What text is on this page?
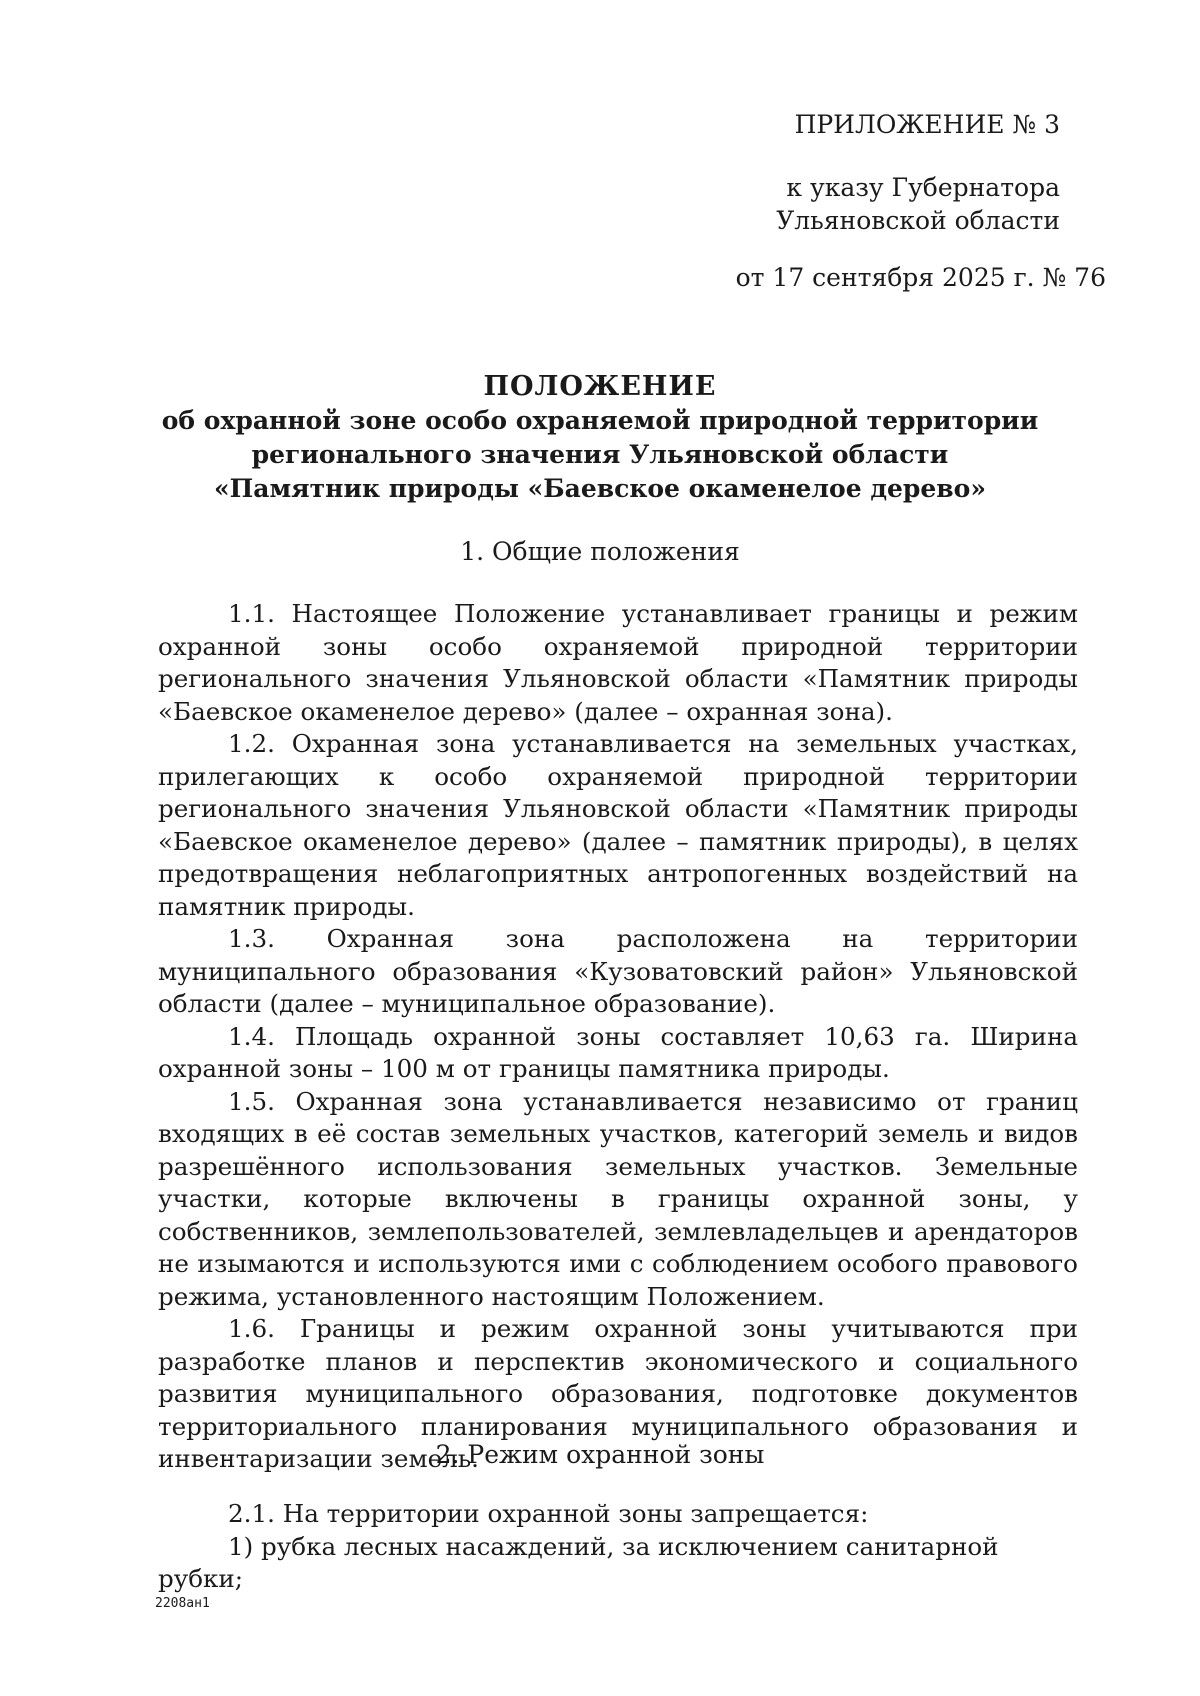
ПРИЛОЖЕНИЕ № 3
к указу Губернатора
Ульяновской области
от 17 сентября 2025 г. № 76
ПОЛОЖЕНИЕ
об охранной зоне особо охраняемой природной территории
регионального значения Ульяновской области
«Памятник природы «Баевское окаменелое дерево»
1. Общие положения

1.1. Настоящее Положение устанавливает границы и режим охранной зоны особо охраняемой природной территории регионального значения Ульяновской области «Памятник природы «Баевское окаменелое дерево» (далее – охранная зона).

1.2. Охранная зона устанавливается на земельных участках, прилегающих к особо охраняемой природной территории регионального значения Ульяновской области «Памятник природы «Баевское окаменелое дерево» (далее – памятник природы), в целях предотвращения неблагоприятных антропогенных воздействий на памятник природы.

1.3. Охранная зона расположена на территории муниципального образования «Кузоватовский район» Ульяновской области (далее – муниципальное образование).

1.4. Площадь охранной зоны составляет 10,63 га. Ширина охранной зоны – 100 м от границы памятника природы.

1.5. Охранная зона устанавливается независимо от границ входящих в её состав земельных участков, категорий земель и видов разрешённого использования земельных участков. Земельные участки, которые включены в границы охранной зоны, у собственников, землепользователей, землевладельцев и арендаторов не изымаются и используются ими с соблюдением особого правового режима, установленного настоящим Положением.

1.6. Границы и режим охранной зоны учитываются при разработке планов и перспектив экономического и социального развития муниципального образования, подготовке документов территориального планирования муниципального образования и инвентаризации земель.

2. Режим охранной зоны

2.1. На территории охранной зоны запрещается:

1) рубка лесных насаждений, за исключением санитарной рубки;

2208ан1
